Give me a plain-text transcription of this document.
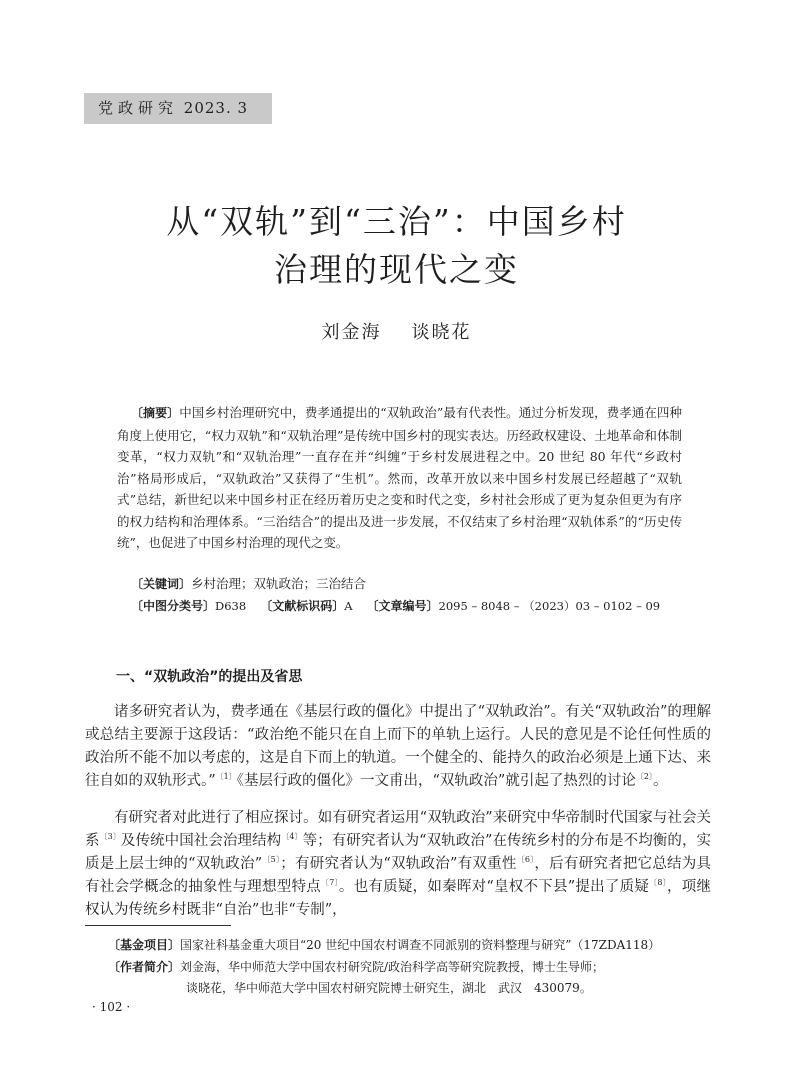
党政研究 2023. 3
从“双轨”到“三治”：中国乡村
治理的现代之变
刘金海 谈晓花

〔摘要〕中国乡村治理研究中，费孝通提出的“双轨政治”最有代表性。通过分析发现，费孝通在四种角度上使用它，“权力双轨”和“双轨治理”是传统中国乡村的现实表达。历经政权建设、土地革命和体制变革，“权力双轨”和“双轨治理”一直存在并“纠缠”于乡村发展进程之中。20 世纪 80 年代“乡政村治”格局形成后，“双轨政治”又获得了“生机”。然而，改革开放以来中国乡村发展已经超越了“双轨式”总结，新世纪以来中国乡村正在经历着历史之变和时代之变，乡村社会形成了更为复杂但更为有序的权力结构和治理体系。“三治结合”的提出及进一步发展，不仅结束了乡村治理“双轨体系”的“历史传统”，也促进了中国乡村治理的现代之变。

〔关键词〕乡村治理；双轨政治；三治结合
〔中图分类号〕D638 〔文献标识码〕A 〔文章编号〕2095 – 8048 – （2023）03 – 0102 – 09
一、“双轨政治”的提出及省思

诸多研究者认为，费孝通在《基层行政的僵化》中提出了“双轨政治”。有关“双轨政治”的理解或总结主要源于这段话：“政治绝不能只在自上而下的单轨上运行。人民的意见是不论任何性质的政治所不能不加以考虑的，这是自下而上的轨道。一个健全的、能持久的政治必须是上通下达、来往自如的双轨形式。”$^{〔1〕}$《基层行政的僵化》一文甫出，“双轨政治”就引起了热烈的讨论$^{〔2〕}$。

有研究者对此进行了相应探讨。如有研究者运用“双轨政治”来研究中华帝制时代国家与社会关系$^{〔3〕}$及传统中国社会治理结构$^{〔4〕}$等；有研究者认为“双轨政治”在传统乡村的分布是不均衡的，实质是上层士绅的“双轨政治”$^{〔5〕}$；有研究者认为“双轨政治”有双重性$^{〔6〕}$，后有研究者把它总结为具有社会学概念的抽象性与理想型特点$^{〔7〕}$。也有质疑，如秦晖对“皇权不下县”提出了质疑$^{〔8〕}$，项继权认为传统乡村既非“自治”也非“专制”，

〔基金项目〕国家社科基金重大项目“20 世纪中国农村调查不同派别的资料整理与研究”（17ZDA118）
〔作者简介〕刘金海，华中师范大学中国农村研究院/政治科学高等研究院教授，博士生导师；
谈晓花，华中师范大学中国农村研究院博士研究生，湖北　武汉　430079。
· 102 ·
